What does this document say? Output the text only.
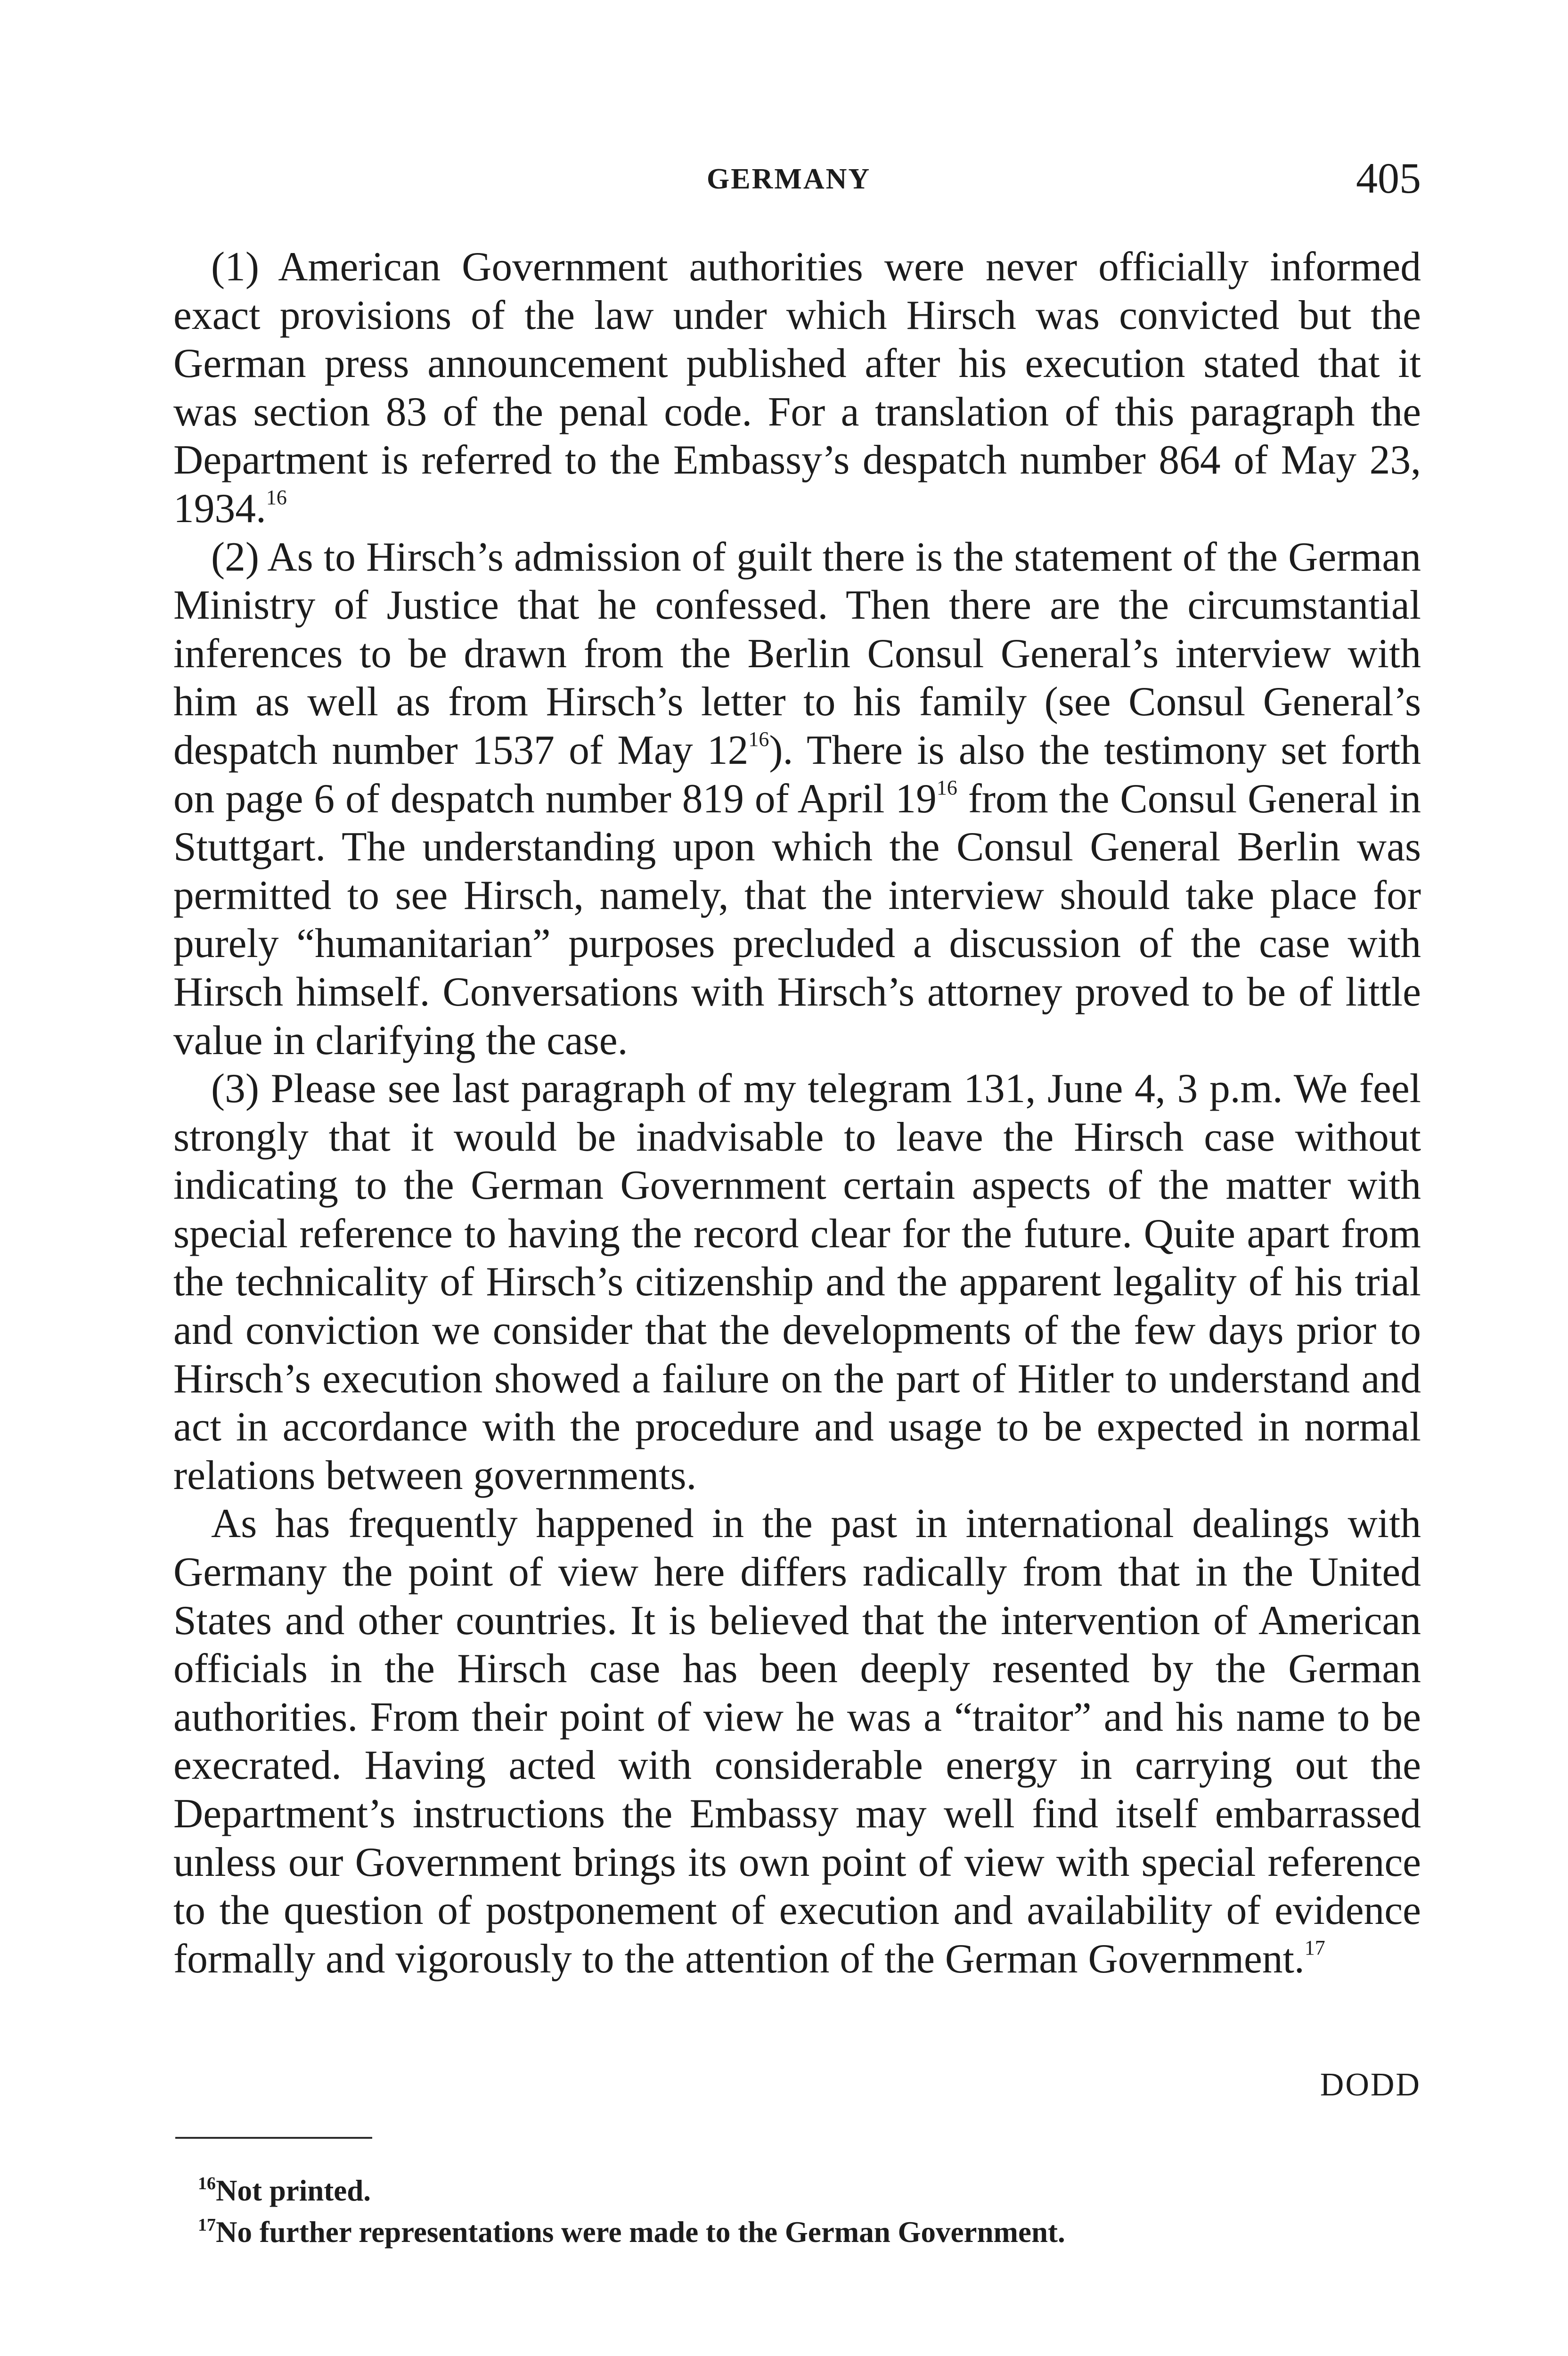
GERMANY	405

(1) American Government authorities were never officially informed exact provisions of the law under which Hirsch was convicted but the German press announcement published after his execution stated that it was section 83 of the penal code. For a translation of this paragraph the Department is referred to the Embassy’s despatch number 864 of May 23, 1934.16

(2) As to Hirsch’s admission of guilt there is the statement of the German Ministry of Justice that he confessed. Then there are the circumstantial inferences to be drawn from the Berlin Consul General’s interview with him as well as from Hirsch’s letter to his family (see Consul General’s despatch number 1537 of May $12^{16}$). There is also the testimony set forth on page 6 of despatch number 819 of April $19^{16}$ from the Consul General in Stuttgart. The understanding upon which the Consul General Berlin was permitted to see Hirsch, namely, that the interview should take place for purely “humanitarian” purposes precluded a discussion of the case with Hirsch himself. Conversations with Hirsch’s attorney proved to be of little value in clarifying the case.

(3) Please see last paragraph of my telegram 131, June 4, 3 p.m. We feel strongly that it would be inadvisable to leave the Hirsch case without indicating to the German Government certain aspects of the matter with special reference to having the record clear for the future. Quite apart from the technicality of Hirsch’s citizenship and the apparent legality of his trial and conviction we consider that the developments of the few days prior to Hirsch’s execution showed a failure on the part of Hitler to understand and act in accordance with the procedure and usage to be expected in normal relations between governments.

As has frequently happened in the past in international dealings with Germany the point of view here differs radically from that in the United States and other countries. It is believed that the intervention of American officials in the Hirsch case has been deeply resented by the German authorities. From their point of view he was a “traitor” and his name to be execrated. Having acted with considerable energy in carrying out the Department’s instructions the Embassy may well find itself embarrassed unless our Government brings its own point of view with special reference to the question of postponement of execution and availability of evidence formally and vigorously to the attention of the German Government.$^{17}$

DODD
$^{16}$Not printed.
$^{17}$No further representations were made to the German Government.
